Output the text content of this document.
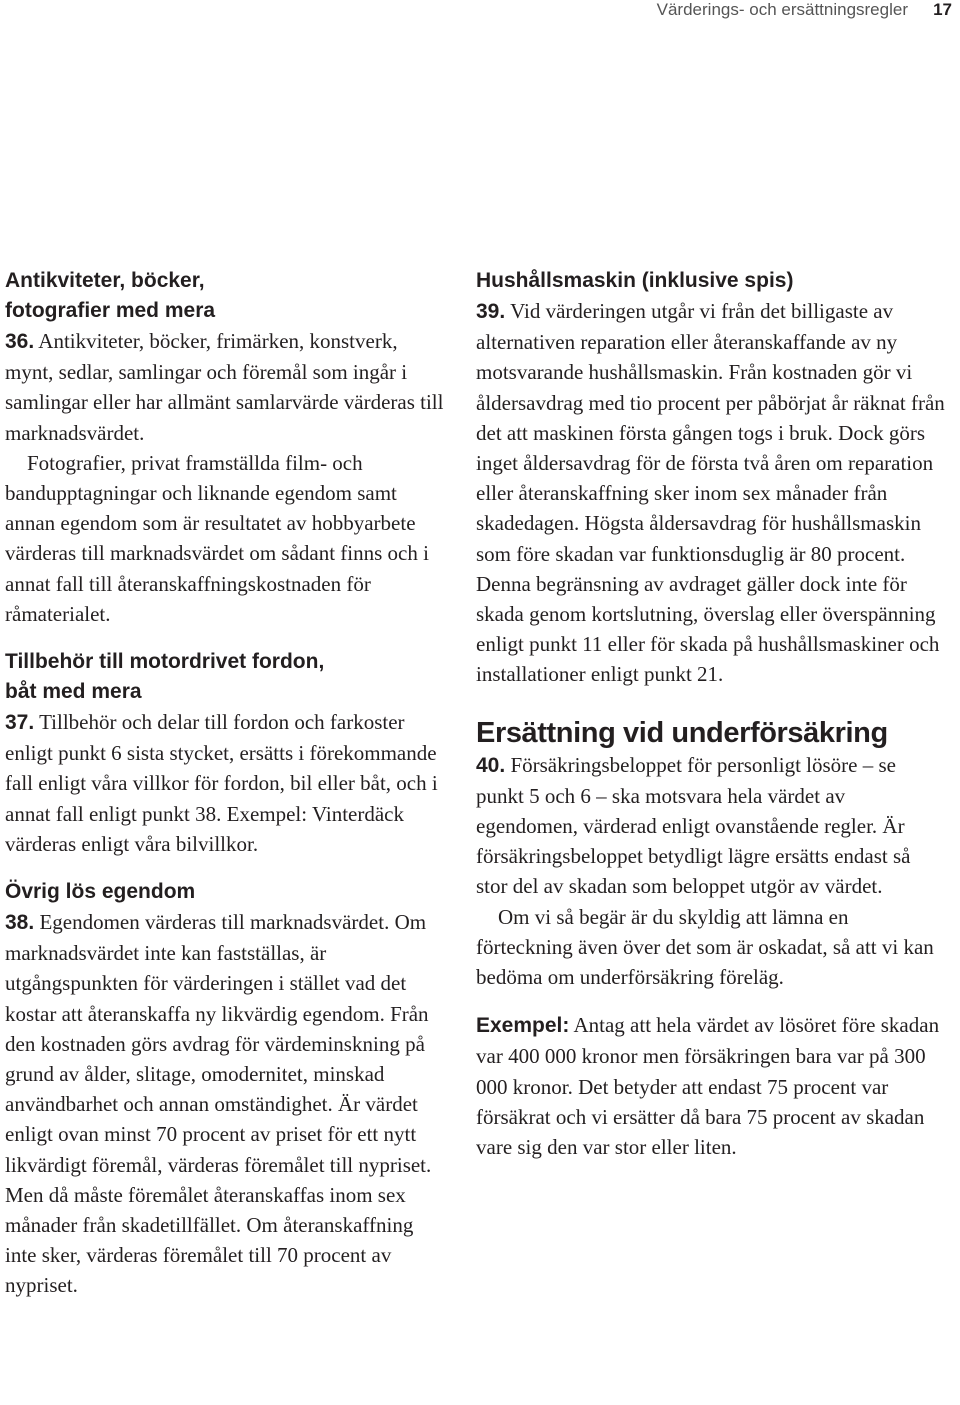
Värderings- och ersättningsregler 17
Antikviteter, böcker,
fotografier med mera

36. Antikviteter, böcker, frimärken, konstverk, mynt, sedlar, samlingar och föremål som ingår i samlingar eller har allmänt samlarvärde värderas till marknadsvärdet.

Fotografier, privat framställda film- och bandupptagningar och liknande egendom samt annan egendom som är resultatet av hobbyarbete värderas till marknadsvärdet om sådant finns och i annat fall till återanskaffningskostnaden för råmaterialet.

Tillbehör till motordrivet fordon,
båt med mera

37. Tillbehör och delar till fordon och farkoster enligt punkt 6 sista stycket, ersätts i förekommande fall enligt våra villkor för fordon, bil eller båt, och i annat fall enligt punkt 38. Exempel: Vinterdäck värderas enligt våra bilvillkor.

Övrig lös egendom

38. Egendomen värderas till marknadsvärdet. Om marknadsvärdet inte kan fastställas, är utgångspunkten för värderingen i stället vad det kostar att återanskaffa ny likvärdig egendom. Från den kostnaden görs avdrag för värdeminskning på grund av ålder, slitage, omodernitet, minskad användbarhet och annan omständighet. Är värdet enligt ovan minst 70 procent av priset för ett nytt likvärdigt föremål, värderas föremålet till nypriset. Men då måste föremålet återanskaffas inom sex månader från skadetillfället. Om återanskaffning inte sker, värderas föremålet till 70 procent av nypriset.

Hushållsmaskin (inklusive spis)

39. Vid värderingen utgår vi från det billigaste av alternativen reparation eller återanskaffande av ny motsvarande hushållsmaskin. Från kostnaden gör vi åldersavdrag med tio procent per påbörjat år räknat från det att maskinen första gången togs i bruk. Dock görs inget åldersavdrag för de första två åren om reparation eller återanskaffning sker inom sex månader från skadedagen. Högsta åldersavdrag för hushållsmaskin som före skadan var funktionsduglig är 80 procent. Denna begränsning av avdraget gäller dock inte för skada genom kortslutning, överslag eller överspänning enligt punkt 11 eller för skada på hushållsmaskiner och installationer enligt punkt 21.

Ersättning vid underförsäkring

40. Försäkringsbeloppet för personligt lösöre – se punkt 5 och 6 – ska motsvara hela värdet av egendomen, värderad enligt ovanstående regler. Är försäkringsbeloppet betydligt lägre ersätts endast så stor del av skadan som beloppet utgör av värdet.

Om vi så begär är du skyldig att lämna en förteckning även över det som är oskadat, så att vi kan bedöma om underförsäkring föreläg.

Exempel: Antag att hela värdet av lösöret före skadan var 400 000 kronor men försäkringen bara var på 300 000 kronor. Det betyder att endast 75 procent var försäkrat och vi ersätter då bara 75 procent av skadan vare sig den var stor eller liten.
